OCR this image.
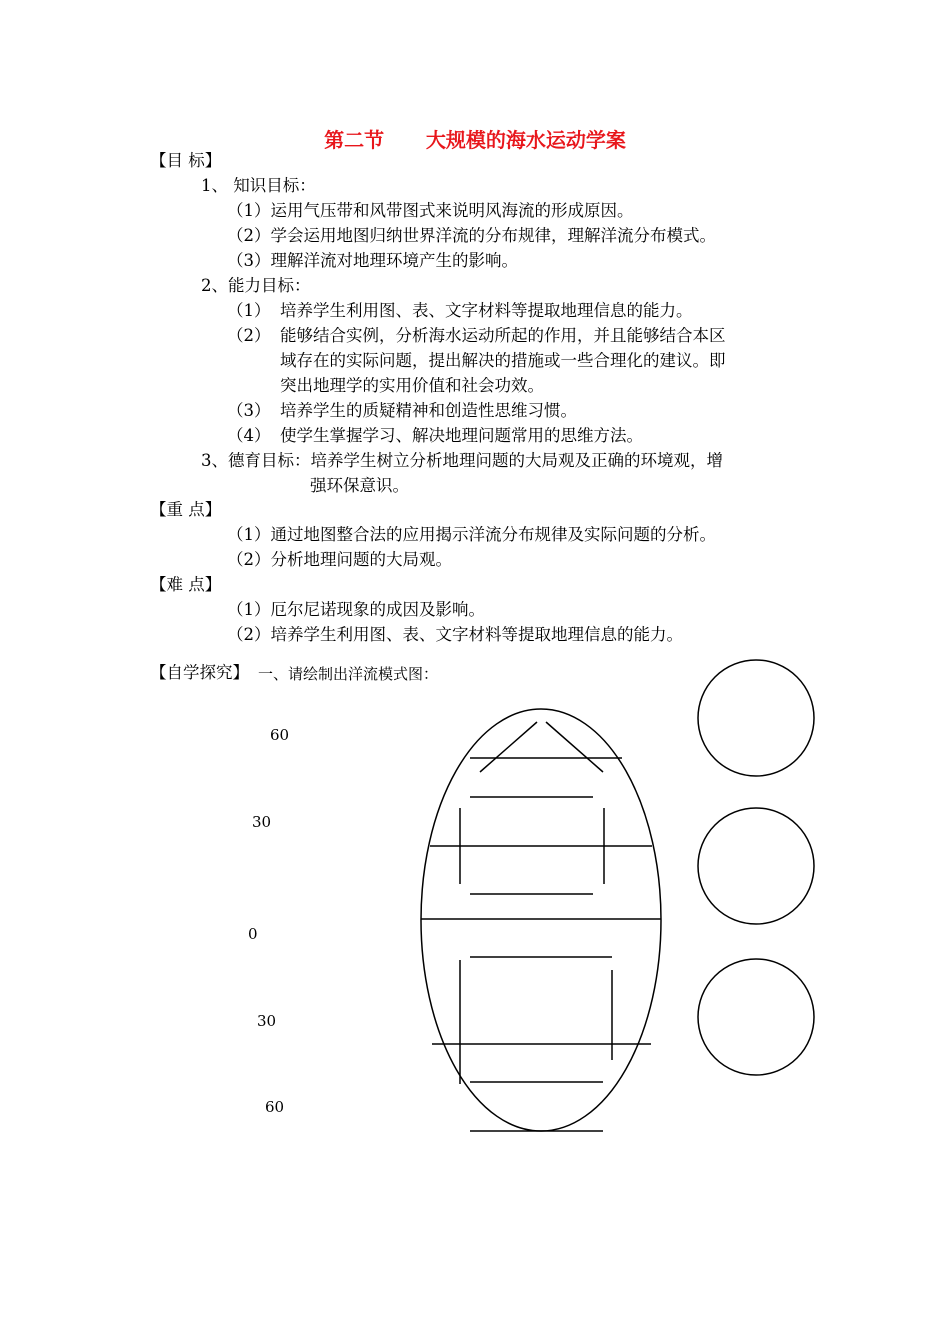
第二节      大规模的海水运动学案
【目 标】
1、 知识目标：
（1）运用气压带和风带图式来说明风海流的形成原因。
（2）学会运用地图归纳世界洋流的分布规律，理解洋流分布模式。
（3）理解洋流对地理环境产生的影响。
2、能力目标：
（1） 培养学生利用图、表、文字材料等提取地理信息的能力。
（2） 能够结合实例，分析海水运动所起的作用，并且能够结合本区
域存在的实际问题，提出解决的措施或一些合理化的建议。即
突出地理学的实用价值和社会功效。
（3） 培养学生的质疑精神和创造性思维习惯。
（4） 使学生掌握学习、解决地理问题常用的思维方法。
3、德育目标：培养学生树立分析地理问题的大局观及正确的环境观，增
强环保意识。
【重 点】
（1）通过地图整合法的应用揭示洋流分布规律及实际问题的分析。
（2）分析地理问题的大局观。
【难 点】
（1）厄尔尼诺现象的成因及影响。
（2）培养学生利用图、表、文字材料等提取地理信息的能力。
【自学探究】 一、请绘制出洋流模式图：
60
30
0
30
60
